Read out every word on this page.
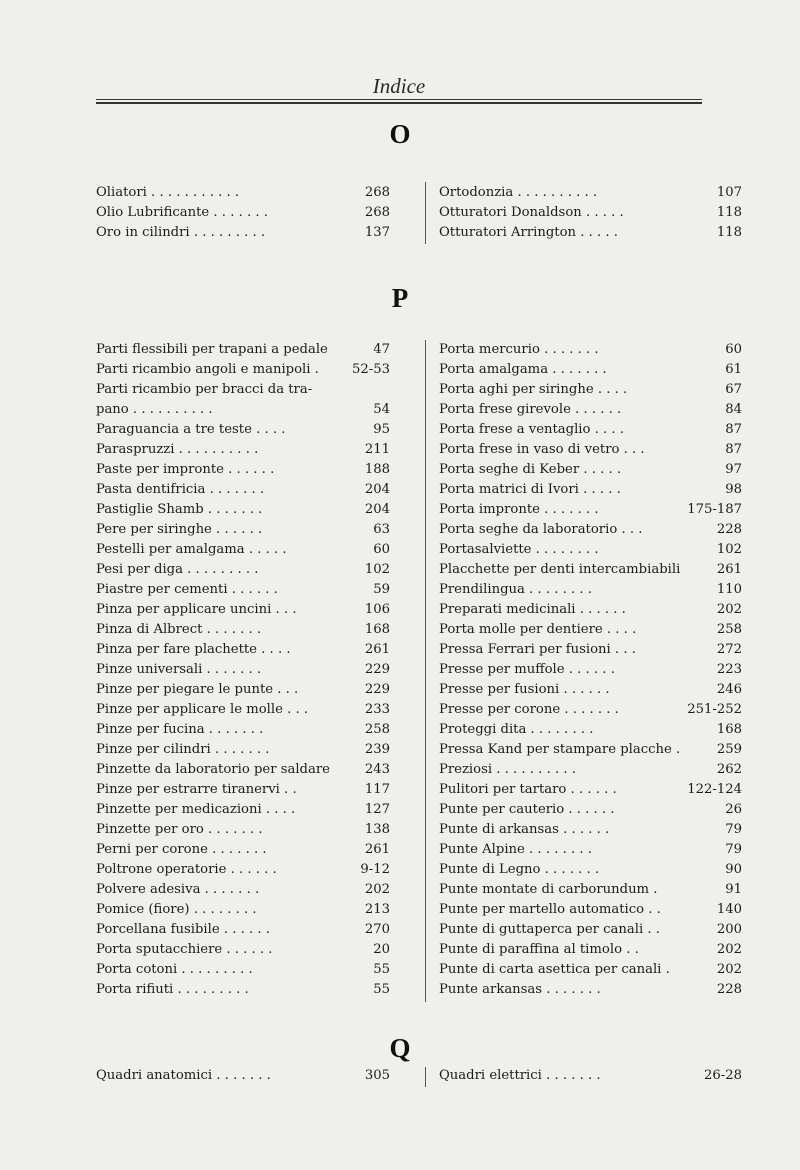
Indice
O
Oliatori . . . . . . . . . . .	268
Olio Lubrificante . . . . . . .	268
Oro in cilindri . . . . . . . . .	137
Ortodonzia . . . . . . . . . .	107
Otturatori Donaldson . . . . .	118
Otturatori Arrington . . . . .	118
P
Parti flessibili per trapani a pedale	47
Parti ricambio angoli e manipoli .	52-53
Parti ricambio per bracci da tra-
pano . . . . . . . . . .	54
Paraguancia a tre teste . . . .	95
Paraspruzzi . . . . . . . . . .	211
Paste per impronte . . . . . .	188
Pasta dentifricia . . . . . . .	204
Pastiglie Shamb . . . . . . .	204
Pere per siringhe . . . . . .	63
Pestelli per amalgama . . . . .	60
Pesi per diga . . . . . . . . .	102
Piastre per cementi . . . . . .	59
Pinza per applicare uncini . . .	106
Pinza di Albrect . . . . . . .	168
Pinza per fare plachette . . . .	261
Pinze universali . . . . . . .	229
Pinze per piegare le punte . . .	229
Pinze per applicare le molle . . .	233
Pinze per fucina . . . . . . .	258
Pinze per cilindri . . . . . . .	239
Pinzette da laboratorio per saldare	243
Pinze per estrarre tiranervi . .	117
Pinzette per medicazioni . . . .	127
Pinzette per oro . . . . . . .	138
Perni per corone . . . . . . .	261
Poltrone operatorie . . . . . .	9-12
Polvere adesiva . . . . . . .	202
Pomice (fiore) . . . . . . . .	213
Porcellana fusibile . . . . . .	270
Porta sputacchiere . . . . . .	20
Porta cotoni . . . . . . . . .	55
Porta rifiuti . . . . . . . . .	55
Porta mercurio . . . . . . .	60
Porta amalgama . . . . . . .	61
Porta aghi per siringhe . . . .	67
Porta frese girevole . . . . . .	84
Porta frese a ventaglio . . . .	87
Porta frese in vaso di vetro . . .	87
Porta seghe di Keber . . . . .	97
Porta matrici di Ivori . . . . .	98
Porta impronte . . . . . . .	175-187
Porta seghe da laboratorio . . .	228
Portasalviette . . . . . . . .	102
Placchette per denti intercambiabili	261
Prendilingua . . . . . . . .	110
Preparati medicinali . . . . . .	202
Porta molle per dentiere . . . .	258
Pressa Ferrari per fusioni . . .	272
Presse per muffole . . . . . .	223
Presse per fusioni . . . . . .	246
Presse per corone . . . . . . .	251-252
Proteggi dita . . . . . . . .	168
Pressa Kand per stampare placche .	259
Preziosi . . . . . . . . . .	262
Pulitori per tartaro . . . . . .	122-124
Punte per cauterio . . . . . .	26
Punte di arkansas . . . . . .	79
Punte Alpine . . . . . . . .	79
Punte di Legno . . . . . . .	90
Punte montate di carborundum .	91
Punte per martello automatico . .	140
Punte di guttaperca per canali . .	200
Punte di paraffina al timolo . .	202
Punte di carta asettica per canali .	202
Punte arkansas . . . . . . .	228
Q
Quadri anatomici . . . . . . .	305	Quadri elettrici . . . . . . .	26-28
